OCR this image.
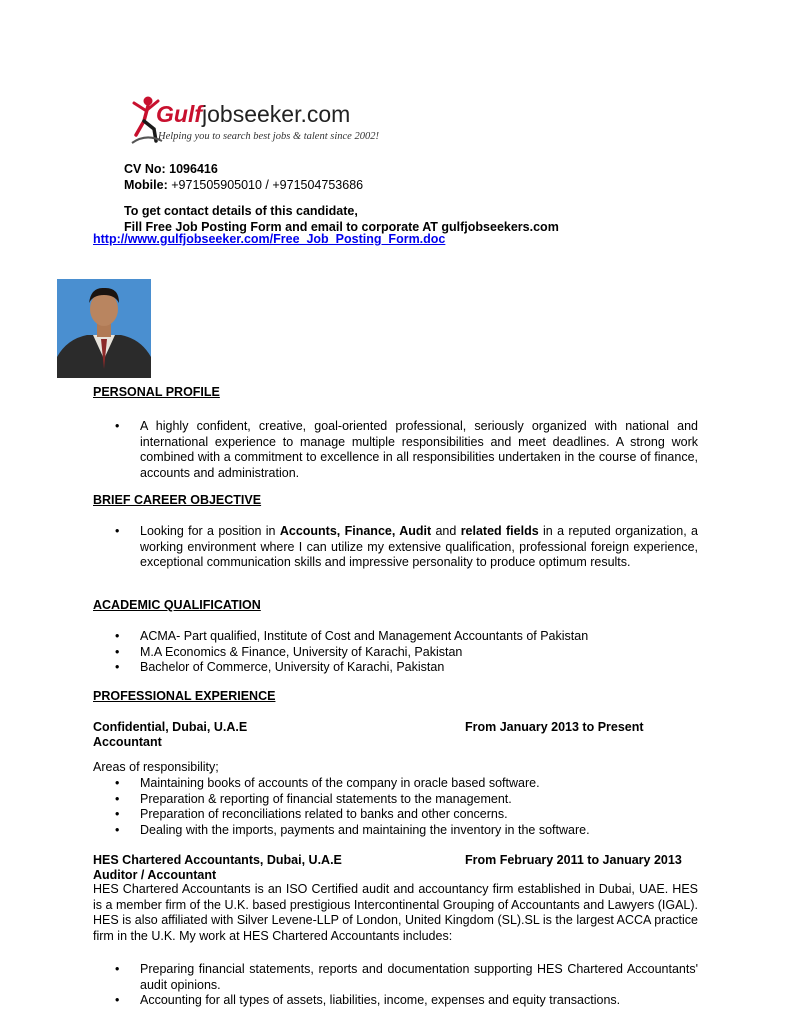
Gulfjobseeker.com
Helping you to search best jobs & talent since 2002!
CV No: 1096416
Mobile: +971505905010 / +971504753686
To get contact details of this candidate,
Fill Free Job Posting Form and email to corporate AT gulfjobseekers.com
http://www.gulfjobseeker.com/Free_Job_Posting_Form.doc
PERSONAL PROFILE
• A highly confident, creative, goal-oriented professional, seriously organized with national and international experience to manage multiple responsibilities and meet deadlines. A strong work combined with a commitment to excellence in all responsibilities undertaken in the course of finance, accounts and administration.
BRIEF CAREER OBJECTIVE
• Looking for a position in Accounts, Finance, Audit and related fields in a reputed organization, a working environment where I can utilize my extensive qualification, professional foreign experience, exceptional communication skills and impressive personality to produce optimum results.
ACADEMIC QUALIFICATION
• ACMA- Part qualified, Institute of Cost and Management Accountants of Pakistan
• M.A Economics & Finance, University of Karachi, Pakistan
• Bachelor of Commerce, University of Karachi, Pakistan
PROFESSIONAL EXPERIENCE
Confidential, Dubai, U.A.E	From January 2013 to Present
Accountant
Areas of responsibility;
• Maintaining books of accounts of the company in oracle based software.
• Preparation & reporting of financial statements to the management.
• Preparation of reconciliations related to banks and other concerns.
• Dealing with the imports, payments and maintaining the inventory in the software.
HES Chartered Accountants, Dubai, U.A.E	From February 2011 to January 2013
Auditor / Accountant
HES Chartered Accountants is an ISO Certified audit and accountancy firm established in Dubai, UAE. HES is a member firm of the U.K. based prestigious Intercontinental Grouping of Accountants and Lawyers (IGAL). HES is also affiliated with Silver Levene-LLP of London, United Kingdom (SL).SL is the largest ACCA practice firm in the U.K. My work at HES Chartered Accountants includes:
• Preparing financial statements, reports and documentation supporting HES Chartered Accountants' audit opinions.
• Accounting for all types of assets, liabilities, income, expenses and equity transactions.
